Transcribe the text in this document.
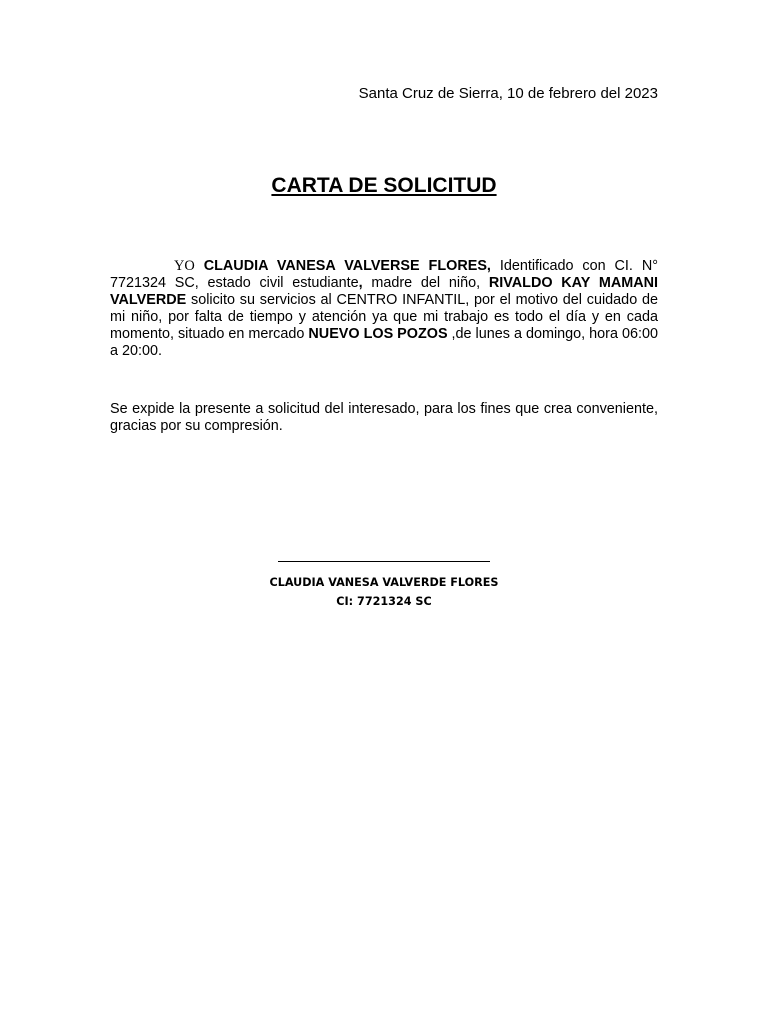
Santa Cruz de Sierra, 10 de febrero del 2023
CARTA DE SOLICITUD
YO CLAUDIA VANESA VALVERSE FLORES, Identificado con CI. N° 7721324 SC, estado civil estudiante, madre del niño, RIVALDO KAY MAMANI VALVERDE solicito su servicios al CENTRO INFANTIL, por el motivo del cuidado de mi niño, por falta de tiempo y atención ya que mi trabajo es todo el día y en cada momento, situado en mercado NUEVO LOS POZOS ,de lunes a domingo, hora 06:00 a 20:00.
Se expide la presente a solicitud del interesado, para los fines que crea conveniente, gracias por su compresión.
CLAUDIA VANESA VALVERDE FLORES
CI: 7721324 SC
